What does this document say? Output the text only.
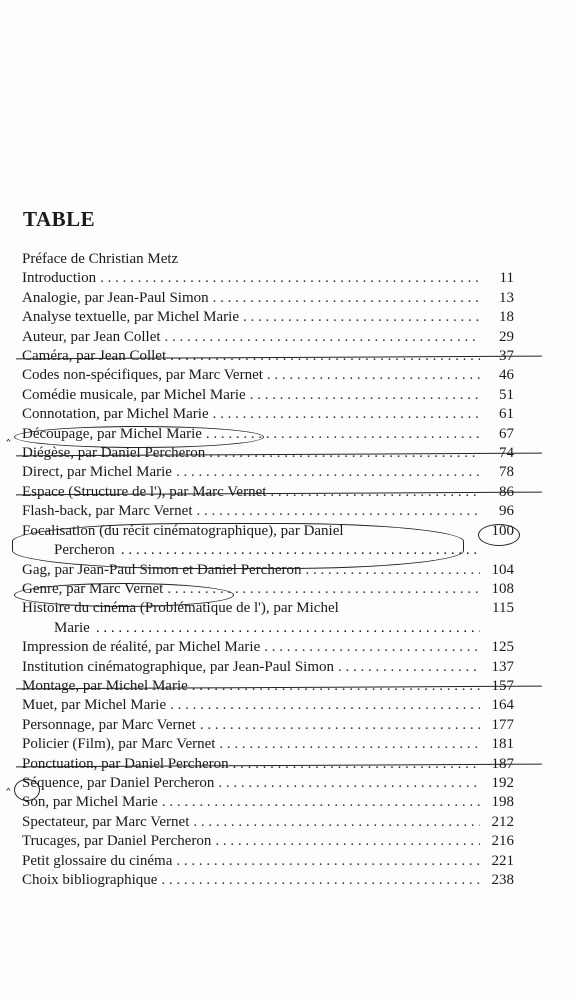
TABLE
Préface de Christian Metz
Introduction . . .	11
Analogie, par Jean-Paul Simon . . .	13
Analyse textuelle, par Michel Marie . . .	18
Auteur, par Jean Collet . . .	29
Caméra, par Jean Collet . . .	37
Codes non-spécifiques, par Marc Vernet . . .	46
Comédie musicale, par Michel Marie . . .	51
Connotation, par Michel Marie . . .	61
‸ Découpage, par Michel Marie . . .	67
Diégèse, par Daniel Percheron . . .	74
Direct, par Michel Marie . . .	78
Espace (Structure de l'), par Marc Vernet . . .	86
Flash-back, par Marc Vernet . . .	96
Focalisation (du récit cinématographique), par Daniel	100
Percheron
. . .
Gag, par Jean-Paul Simon et Daniel Percheron . . .	104
Genre, par Marc Vernet . . .	108
Histoire du cinéma (Problématique de l'), par Michel	115
Marie
. . .
Impression de réalité, par Michel Marie . . .	125
Institution cinématographique, par Jean-Paul Simon . . .	137
Montage, par Michel Marie . . .	157
Muet, par Michel Marie . . .	164
Personnage, par Marc Vernet . . .	177
Policier (Film), par Marc Vernet . . .	181
Ponctuation, par Daniel Percheron . . .	187
‸ Séquence, par Daniel Percheron . . .	192
Son, par Michel Marie . . .	198
Spectateur, par Marc Vernet . . .	212
Trucages, par Daniel Percheron . . .	216
Petit glossaire du cinéma . . .	221
Choix bibliographique . . .	238
